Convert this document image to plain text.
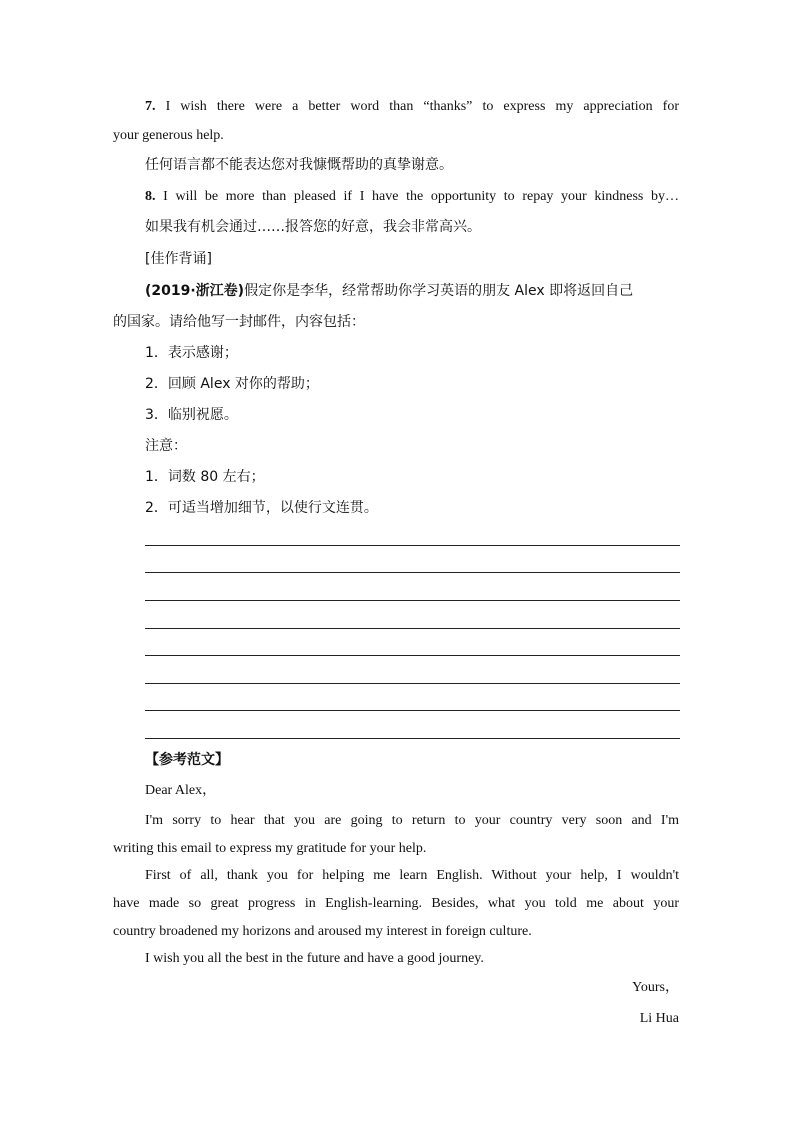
7. I wish there were a better word than “thanks” to express my appreciation for
your generous help.
任何语言都不能表达您对我慷慨帮助的真挚谢意。
8. I will be more than pleased if I have the opportunity to repay your kindness by…
如果我有机会通过……报答您的好意，我会非常高兴。
[佳作背诵]
(2019·浙江卷)假定你是李华，经常帮助你学习英语的朋友 Alex 即将返回自己
的国家。请给他写一封邮件，内容包括：
1．表示感谢；
2．回顾 Alex 对你的帮助；
3．临别祝愿。
注意：
1．词数 80 左右；
2．可适当增加细节，以使行文连贯。
【参考范文】
Dear Alex，
I'm sorry to hear that you are going to return to your country very soon and I'm
writing this email to express my gratitude for your help.
First of all, thank you for helping me learn English. Without your help, I wouldn't
have made so great progress in English-learning. Besides, what you told me about your
country broadened my horizons and aroused my interest in foreign culture.
I wish you all the best in the future and have a good journey.
Yours，
Li Hua
